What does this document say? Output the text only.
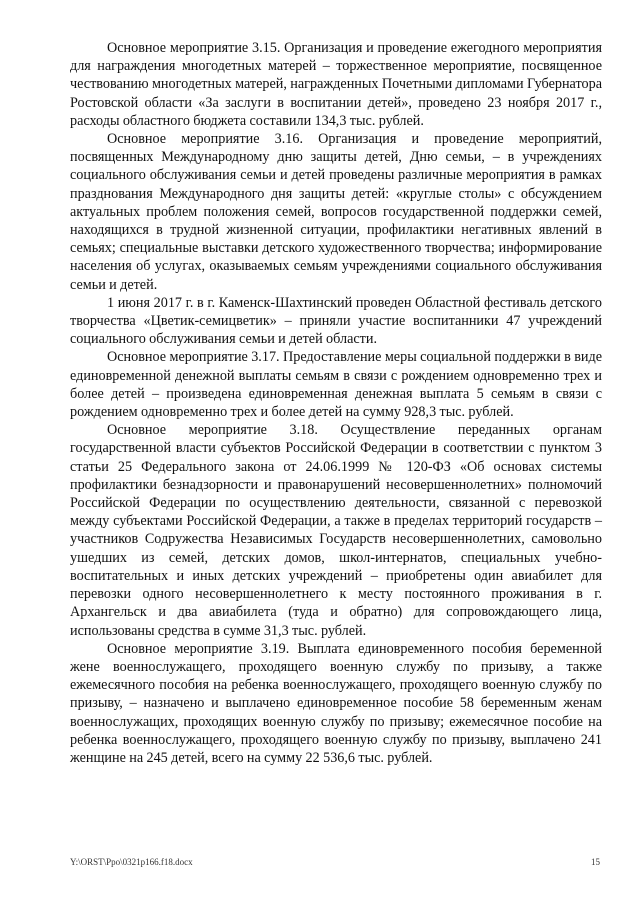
Основное мероприятие 3.15. Организация и проведение ежегодного мероприятия для награждения многодетных матерей – торжественное мероприятие, посвященное чествованию многодетных матерей, награжденных Почетными дипломами Губернатора Ростовской области «За заслуги в воспитании детей», проведено 23 ноября 2017 г., расходы областного бюджета составили 134,3 тыс. рублей.

Основное мероприятие 3.16. Организация и проведение мероприятий, посвященных Международному дню защиты детей, Дню семьи, – в учреждениях социального обслуживания семьи и детей проведены различные мероприятия в рамках празднования Международного дня защиты детей: «круглые столы» с обсуждением актуальных проблем положения семей, вопросов государственной поддержки семей, находящихся в трудной жизненной ситуации, профилактики негативных явлений в семьях; специальные выставки детского художественного творчества; информирование населения об услугах, оказываемых семьям учреждениями социального обслуживания семьи и детей.

1 июня 2017 г. в г. Каменск-Шахтинский проведен Областной фестиваль детского творчества «Цветик-семицветик» – приняли участие воспитанники 47 учреждений социального обслуживания семьи и детей области.

Основное мероприятие 3.17. Предоставление меры социальной поддержки в виде единовременной денежной выплаты семьям в связи с рождением одновременно трех и более детей – произведена единовременная денежная выплата 5 семьям в связи с рождением одновременно трех и более детей на сумму 928,3 тыс. рублей.

Основное мероприятие 3.18. Осуществление переданных органам государственной власти субъектов Российской Федерации в соответствии с пунктом 3 статьи 25 Федерального закона от 24.06.1999 № 120-ФЗ «Об основах системы профилактики безнадзорности и правонарушений несовершеннолетних» полномочий Российской Федерации по осуществлению деятельности, связанной с перевозкой между субъектами Российской Федерации, а также в пределах территорий государств – участников Содружества Независимых Государств несовершеннолетних, самовольно ушедших из семей, детских домов, школ-интернатов, специальных учебно-воспитательных и иных детских учреждений – приобретены один авиабилет для перевозки одного несовершеннолетнего к месту постоянного проживания в г. Архангельск и два авиабилета (туда и обратно) для сопровождающего лица, использованы средства в сумме 31,3 тыс. рублей.

Основное мероприятие 3.19. Выплата единовременного пособия беременной жене военнослужащего, проходящего военную службу по призыву, а также ежемесячного пособия на ребенка военнослужащего, проходящего военную службу по призыву, – назначено и выплачено единовременное пособие 58 беременным женам военнослужащих, проходящих военную службу по призыву; ежемесячное пособие на ребенка военнослужащего, проходящего военную службу по призыву, выплачено 241 женщине на 245 детей, всего на сумму 22 536,6 тыс. рублей.

Y:\ORST\Ppo\0321p166.f18.docx	15
